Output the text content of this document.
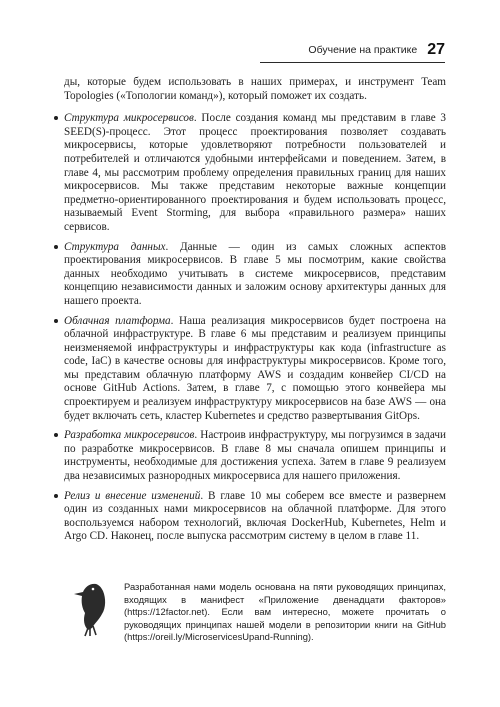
Обучение на практике 27

ды, которые будем использовать в наших примерах, и инструмент Team Topologies («Топологии команд»), который поможет их создать.

Структура микросервисов. После создания команд мы представим в главе 3 SEED(S)-процесс. Этот процесс проектирования позволяет создавать микросервисы, которые удовлетворяют потребности пользователей и потребителей и отличаются удобными интерфейсами и поведением. Затем, в главе 4, мы рассмотрим проблему определения правильных границ для наших микросервисов. Мы также представим некоторые важные концепции предметно-ориентированного проектирования и будем использовать процесс, называемый Event Storming, для выбора «правильного размера» наших сервисов.
Структура данных. Данные — один из самых сложных аспектов проектирования микросервисов. В главе 5 мы посмотрим, какие свойства данных необходимо учитывать в системе микросервисов, представим концепцию независимости данных и заложим основу архитектуры данных для нашего проекта.
Облачная платформа. Наша реализация микросервисов будет построена на облачной инфраструктуре. В главе 6 мы представим и реализуем принципы неизменяемой инфраструктуры и инфраструктуры как кода (infrastructure as code, IaC) в качестве основы для инфраструктуры микросервисов. Кроме того, мы представим облачную платформу AWS и создадим конвейер CI/CD на основе GitHub Actions. Затем, в главе 7, с помощью этого конвейера мы спроектируем и реализуем инфраструктуру микросервисов на базе AWS — она будет включать сеть, кластер Kubernetes и средство развертывания GitOps.
Разработка микросервисов. Настроив инфраструктуру, мы погрузимся в задачи по разработке микросервисов. В главе 8 мы сначала опишем принципы и инструменты, необходимые для достижения успеха. Затем в главе 9 реализуем два независимых разнородных микросервиса для нашего приложения.
Релиз и внесение изменений. В главе 10 мы соберем все вместе и развернем один из созданных нами микросервисов на облачной платформе. Для этого воспользуемся набором технологий, включая DockerHub, Kubernetes, Helm и Argo CD. Наконец, после выпуска рассмотрим систему в целом в главе 11.

Разработанная нами модель основана на пяти руководящих принципах, входящих в манифест «Приложение двенадцати факторов» (https://12factor.net). Если вам интересно, можете прочитать о руководящих принципах нашей модели в репозитории книги на GitHub (https://oreil.ly/MicroservicesUpand-Running).
